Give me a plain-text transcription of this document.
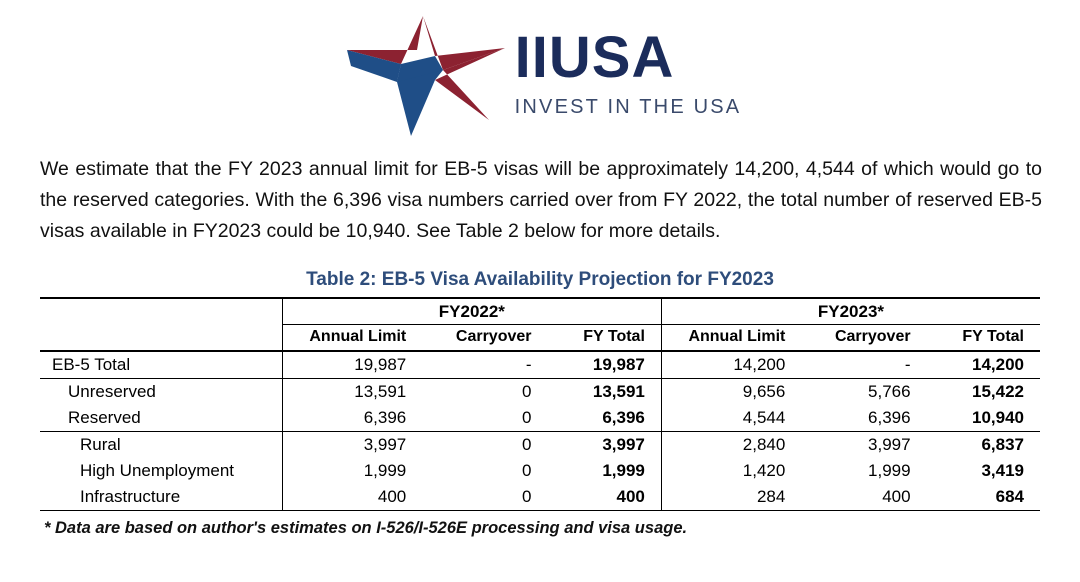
IIUSA
INVEST IN THE USA

We estimate that the FY 2023 annual limit for EB-5 visas will be approximately 14,200, 4,544 of which would go to the reserved categories. With the 6,396 visa numbers carried over from FY 2022, the total number of reserved EB-5 visas available in FY2023 could be 10,940. See Table 2 below for more details.

Table 2: EB-5 Visa Availability Projection for FY2023
	FY2022*			FY2023*		
	Annual Limit	Carryover	FY Total	Annual Limit	Carryover	FY Total
EB-5 Total	19,987	-	19,987	14,200	-	14,200
Unreserved	13,591	0	13,591	9,656	5,766	15,422
Reserved	6,396	0	6,396	4,544	6,396	10,940
Rural	3,997	0	3,997	2,840	3,997	6,837
High Unemployment	1,999	0	1,999	1,420	1,999	3,419
Infrastructure	400	0	400	284	400	684
* Data are based on author's estimates on I-526/I-526E processing and visa usage.
